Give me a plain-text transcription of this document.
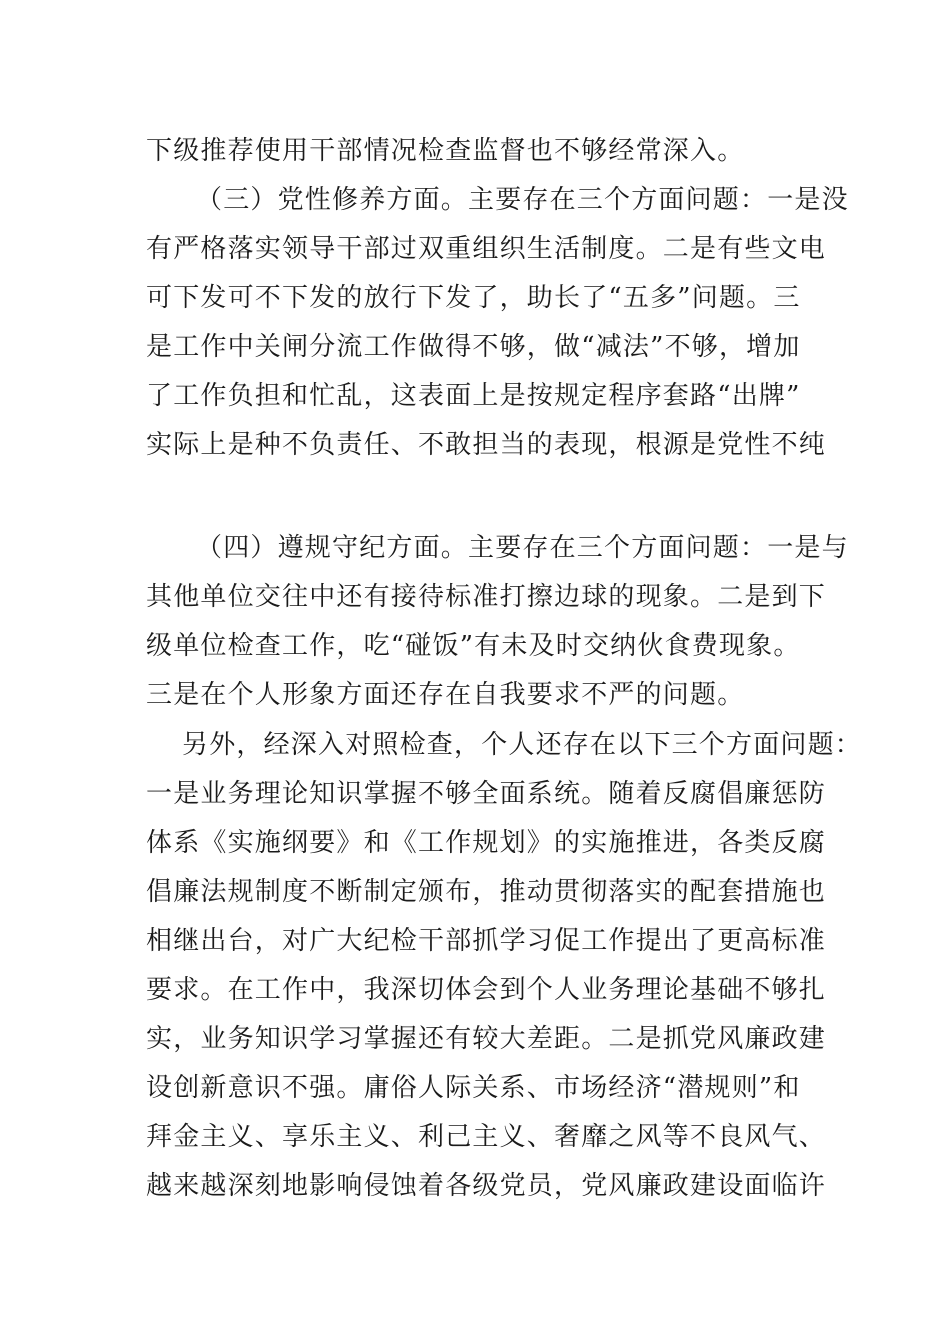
下级推荐使用干部情况检查监督也不够经常深入。
（三）党性修养方面。主要存在三个方面问题：一是没
有严格落实领导干部过双重组织生活制度。二是有些文电
可下发可不下发的放行下发了，助长了“五多”问题。三
是工作中关闸分流工作做得不够，做“减法”不够，增加
了工作负担和忙乱，这表面上是按规定程序套路“出牌”
实际上是种不负责任、不敢担当的表现，根源是党性不纯
（四）遵规守纪方面。主要存在三个方面问题：一是与
其他单位交往中还有接待标准打擦边球的现象。二是到下
级单位检查工作，吃“碰饭”有未及时交纳伙食费现象。
三是在个人形象方面还存在自我要求不严的问题。
另外，经深入对照检查，个人还存在以下三个方面问题：
一是业务理论知识掌握不够全面系统。随着反腐倡廉惩防
体系《实施纲要》和《工作规划》的实施推进，各类反腐
倡廉法规制度不断制定颁布，推动贯彻落实的配套措施也
相继出台，对广大纪检干部抓学习促工作提出了更高标准
要求。在工作中，我深切体会到个人业务理论基础不够扎
实，业务知识学习掌握还有较大差距。二是抓党风廉政建
设创新意识不强。庸俗人际关系、市场经济“潜规则”和
拜金主义、享乐主义、利己主义、奢靡之风等不良风气、
越来越深刻地影响侵蚀着各级党员，党风廉政建设面临许
